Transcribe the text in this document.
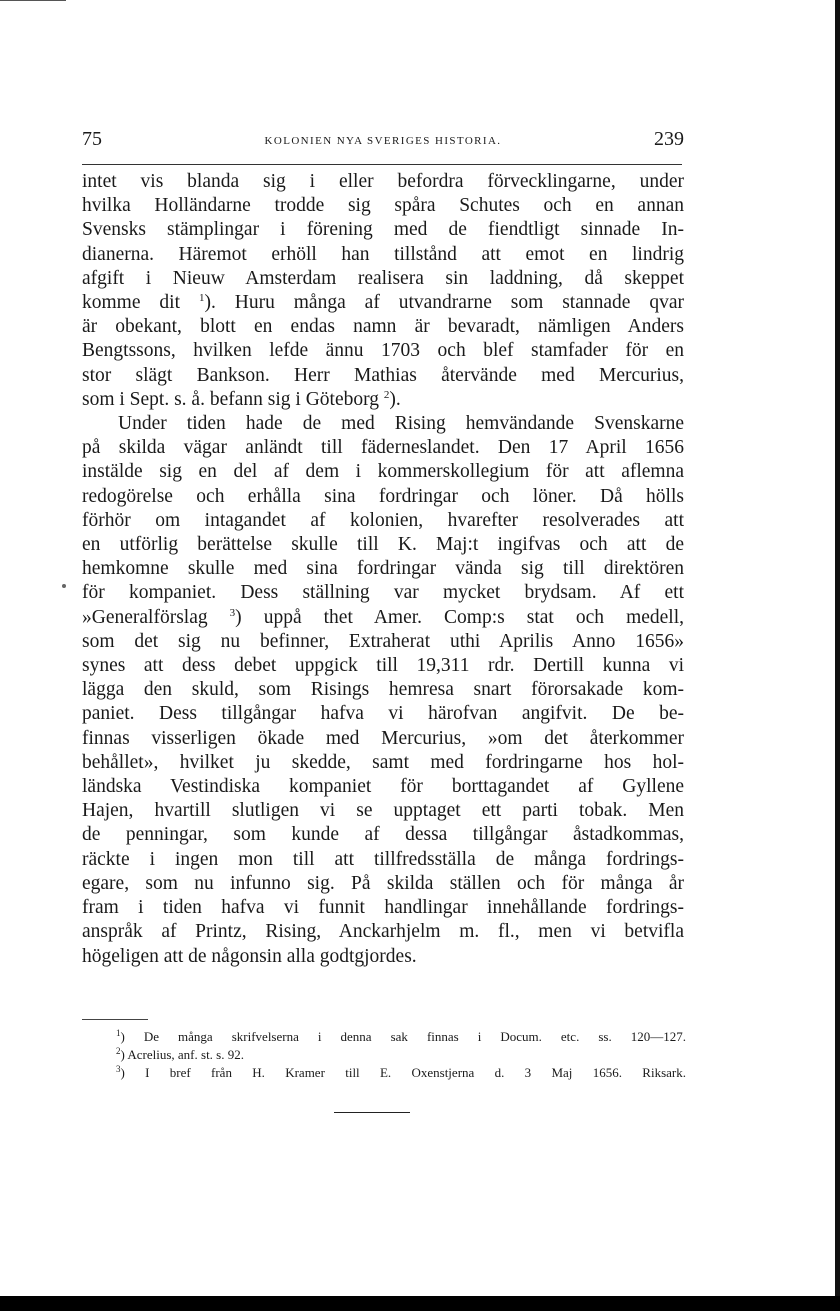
75	KOLONIEN NYA SVERIGES HISTORIA.	239

intet vis blanda sig i eller befordra förvecklingarne, under
hvilka Holländarne trodde sig spåra Schutes och en annan
Svensks stämplingar i förening med de fiendtligt sinnade In-
dianerna. Häremot erhöll han tillstånd att emot en lindrig
afgift i Nieuw Amsterdam realisera sin laddning, då skeppet
komme dit $^1$). Huru många af utvandrarne som stannade qvar
är obekant, blott en endas namn är bevaradt, nämligen Anders
Bengtssons, hvilken lefde ännu 1703 och blef stamfader för en
stor slägt Bankson. Herr Mathias återvände med Mercurius,
som i Sept. s. å. befann sig i Göteborg $^2$).

Under tiden hade de med Rising hemvändande Svenskarne
på skilda vägar anländt till fäderneslandet. Den 17 April 1656
instälde sig en del af dem i kommerskollegium för att aflemna
redogörelse och erhålla sina fordringar och löner. Då hölls
förhör om intagandet af kolonien, hvarefter resolverades att
en utförlig berättelse skulle till K. Maj:t ingifvas och att de
hemkomne skulle med sina fordringar vända sig till direktören
för kompaniet. Dess ställning var mycket brydsam. Af ett
»Generalförslag $^3$) uppå thet Amer. Comp:s stat och medell,
som det sig nu befinner, Extraherat uthi Aprilis Anno 1656»
synes att dess debet uppgick till 19,311 rdr. Dertill kunna vi
lägga den skuld, som Risings hemresa snart förorsakade kom-
paniet. Dess tillgångar hafva vi härofvan angifvit. De be-
finnas visserligen ökade med Mercurius, »om det återkommer
behållet», hvilket ju skedde, samt med fordringarne hos hol-
ländska Vestindiska kompaniet för borttagandet af Gyllene
Hajen, hvartill slutligen vi se upptaget ett parti tobak. Men
de penningar, som kunde af dessa tillgångar åstadkommas,
räckte i ingen mon till att tillfredsställa de många fordrings-
egare, som nu infunno sig. På skilda ställen och för många år
fram i tiden hafva vi funnit handlingar innehållande fordrings-
anspråk af Printz, Rising, Anckarhjelm m. fl., men vi betvifla
högeligen att de någonsin alla godtgjordes.

$^1$) De många skrifvelserna i denna sak finnas i Docum. etc. ss. 120—127.
$^2$) Acrelius, anf. st. s. 92.
$^3$) I bref från H. Kramer till E. Oxenstjerna d. 3 Maj 1656. Riksark.
